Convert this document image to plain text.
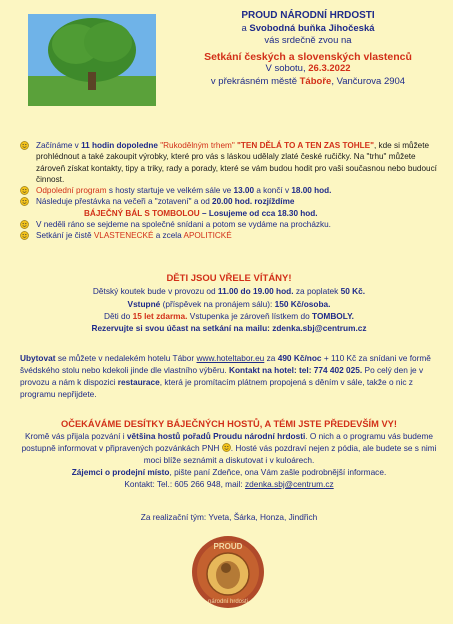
PROUD NÁRODNÍ HRDOSTI
a Svobodná buňka Jihočeská
vás srdečně zvou na
Setkání českých a slovenských vlastenců
V sobotu, 26.3.2022
v překrásném městě Táboře, Vančurova 2904
Začínáme v 11 hodin dopoledne "Rukodělným trhem" "TEN DĚLÁ TO A TEN ZAS TOHLE", kde si můžete prohlédnout a také zakoupit výrobky, které pro vás s láskou udělaly zlaté české ručičky. Na "trhu" můžete zároveň získat kontakty, tipy a triky, rady a porady, které se vám budou hodit pro vaši současnou nebo budoucí činnost.
Odpolední program s hosty startuje ve velkém sále ve 13.00 a končí v 18.00 hod.
Následuje přestávka na večeři a "zotavení" a od 20.00 hod. rozjíždíme
BÁJEČNÝ BÁL S TOMBOLOU – Losujeme od cca 18.30 hod.
V neděli ráno se sejdeme na společné snídani a potom se vydáme na procházku.
Setkání je čistě VLASTENECKÉ a zcela APOLITICKÉ
DĚTI JSOU VŘELE VÍTÁNY!
Dětský koutek bude v provozu od 11.00 do 19.00 hod. za poplatek 50 Kč.
Vstupné (příspěvek na pronájem sálu): 150 Kč/osoba.
Děti do 15 let zdarma. Vstupenka je zároveň lístkem do TOMBOLY.
Rezervujte si svou účast na setkání na mailu: zdenka.sbj@centrum.cz
Ubytovat se můžete v nedalekém hotelu Tábor www.hoteltabor.eu za 490 Kč/noc + 110 Kč za snídani ve formě švédského stolu nebo kdekoli jinde dle vlastního výběru. Kontakt na hotel: tel: 774 402 025. Po celý den je v provozu a nám k dispozici restaurace, která je promítacím plátnem propojená s děním v sále, takže o nic z programu nepřijdete.
OČEKÁVÁME DESÍTKY BÁJEČNÝCH HOSTŮ, A TÉMI JSTE PŘEDEVŠÍM VY!
Kromě vás přijala pozvání i většina hostů pořadů Proudu národní hrdosti. O nich a o programu vás budeme postupně informovat v připravených pozvánkách PNH . Hosté vás pozdraví nejen z pódia, ale budete se s nimi moci blíže seznámit a diskutovat i v kuloárech.
Zájemci o prodejní místo, pište paní Zdeňce, ona Vám zašle podrobnější informace.
Kontakt: Tel.: 605 266 948, mail: zdenka.sbj@centrum.cz
Za realizační tým: Yveta, Šárka, Honza, Jindřich
PROUD
národní hrdosti
